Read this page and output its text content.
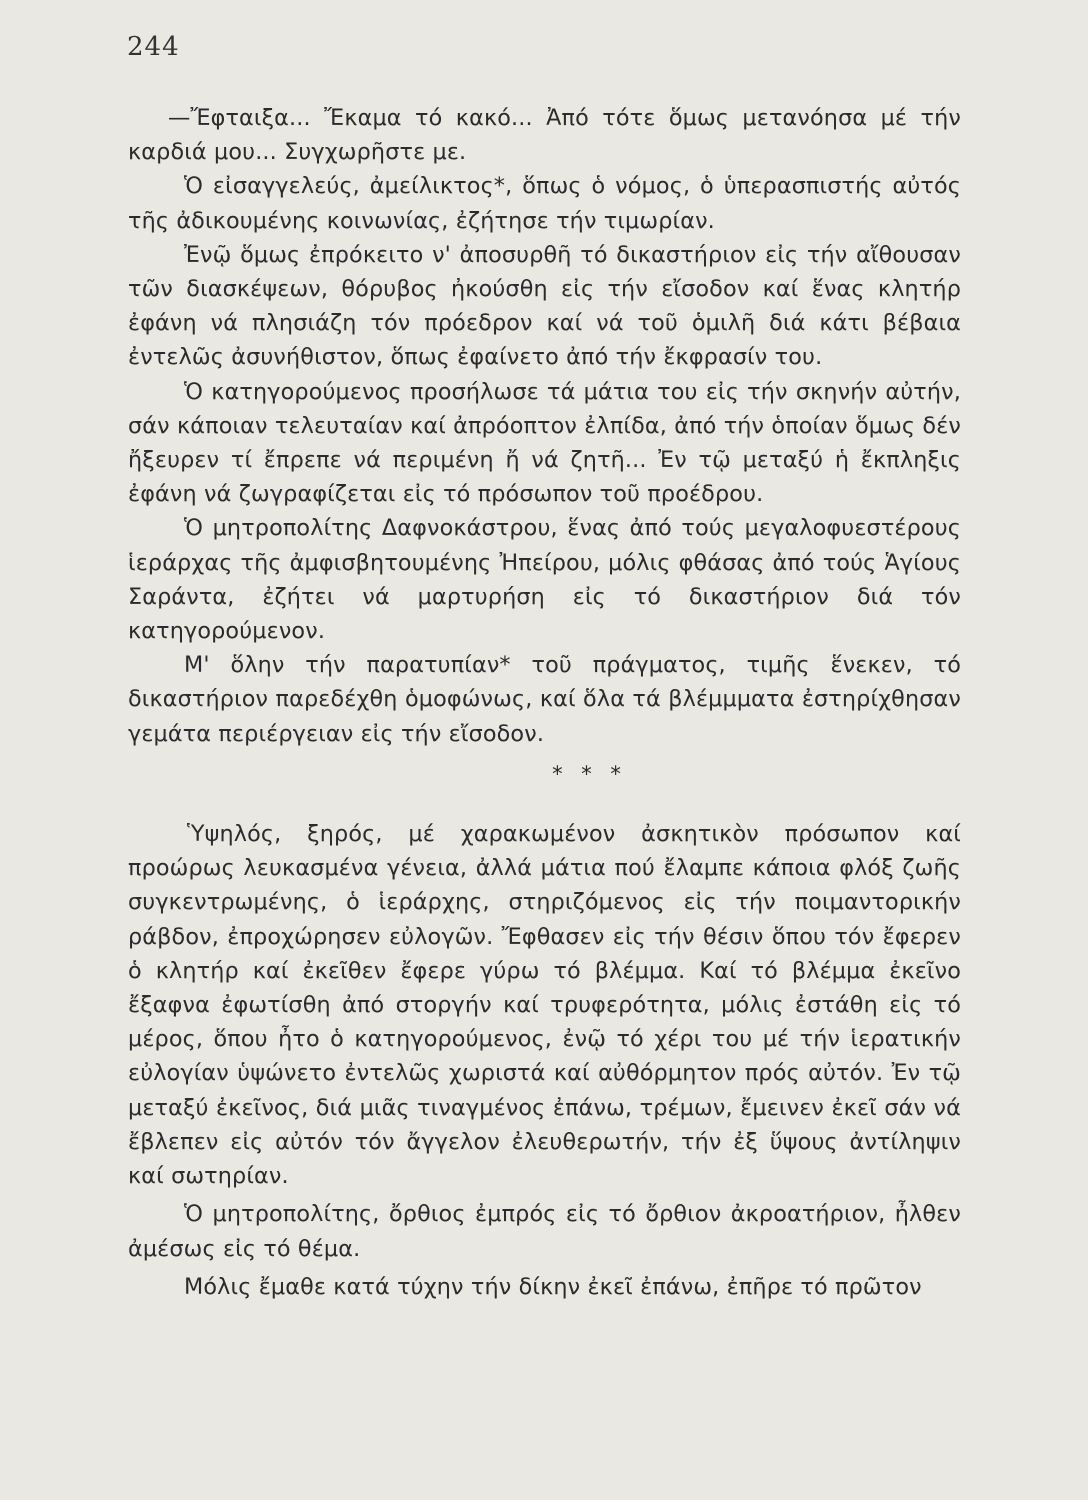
244

—Ἔφταιξα... Ἔκαμα τό κακό... Ἀπό τότε ὅμως μετανόησα μέ τήν καρδιά μου... Συγχωρῆστε με.

Ὁ εἰσαγγελεύς, ἀμείλικτος*, ὅπως ὁ νόμος, ὁ ὑπερασπιστής αὐτός τῆς ἀδικουμένης κοινωνίας, ἐζήτησε τήν τιμωρίαν.

Ἐνῷ ὅμως ἐπρόκειτο ν' ἀποσυρθῆ τό δικαστήριον εἰς τήν αἴθουσαν τῶν διασκέψεων, θόρυβος ἠκούσθη εἰς τήν εἴσοδον καί ἕνας κλητήρ ἐφάνη νά πλησιάζη τόν πρόεδρον καί νά τοῦ ὁμιλῆ διά κάτι βέβαια ἐντελῶς ἀσυνήθιστον, ὅπως ἐφαίνετο ἀπό τήν ἔκφρασίν του.

Ὁ κατηγορούμενος προσήλωσε τά μάτια του εἰς τήν σκηνήν αὐτήν, σάν κάποιαν τελευταίαν καί ἀπρόοπτον ἐλπίδα, ἀπό τήν ὁποίαν ὅμως δέν ἤξευρεν τί ἔπρεπε νά περιμένη ἤ νά ζητῆ... Ἐν τῷ μεταξύ ἡ ἔκπληξις ἐφάνη νά ζωγραφίζεται εἰς τό πρόσωπον τοῦ προέδρου.

Ὁ μητροπολίτης Δαφνοκάστρου, ἕνας ἀπό τούς μεγαλοφυεστέρους ἱεράρχας τῆς ἀμφισβητουμένης Ἠπείρου, μόλις φθάσας ἀπό τούς Ἁγίους Σαράντα, ἐζήτει νά μαρτυρήση εἰς τό δικαστήριον διά τόν κατηγορούμενον.

Μ' ὅλην τήν παρατυπίαν* τοῦ πράγματος, τιμῆς ἕνεκεν, τό δικαστήριον παρεδέχθη ὁμοφώνως, καί ὅλα τά βλέμμματα ἐστηρίχθησαν γεμάτα περιέργειαν εἰς τήν εἴσοδον.

* * *

Ὑψηλός, ξηρός, μέ χαρακωμένον ἀσκητικὸν πρόσωπον καί προώρως λευκασμένα γένεια, ἀλλά μάτια πού ἔλαμπε κάποια φλόξ ζωῆς συγκεντρωμένης, ὁ ἱεράρχης, στηριζόμενος εἰς τήν ποιμαντορικήν ράβδον, ἐπροχώρησεν εὐλογῶν. Ἔφθασεν εἰς τήν θέσιν ὅπου τόν ἔφερεν ὁ κλητήρ καί ἐκεῖθεν ἔφερε γύρω τό βλέμμα. Καί τό βλέμμα ἐκεῖνο ἔξαφνα ἐφωτίσθη ἀπό στοργήν καί τρυφερότητα, μόλις ἐστάθη εἰς τό μέρος, ὅπου ἦτο ὁ κατηγορούμενος, ἐνῷ τό χέρι του μέ τήν ἱερατικήν εὐλογίαν ὑψώνετο ἐντελῶς χωριστά καί αὐθόρμητον πρός αὐτόν. Ἐν τῷ μεταξύ ἐκεῖνος, διά μιᾶς τιναγμένος ἐπάνω, τρέμων, ἔμεινεν ἐκεῖ σάν νά ἔβλεπεν εἰς αὐτόν τόν ἄγγελον ἐλευθερωτήν, τήν ἐξ ὕψους ἀντίληψιν καί σωτηρίαν.

Ὁ μητροπολίτης, ὄρθιος ἐμπρός εἰς τό ὄρθιον ἀκροατήριον, ἦλθεν ἀμέσως εἰς τό θέμα.

Μόλις ἔμαθε κατά τύχην τήν δίκην ἐκεῖ ἐπάνω, ἐπῆρε τό πρῶτον
